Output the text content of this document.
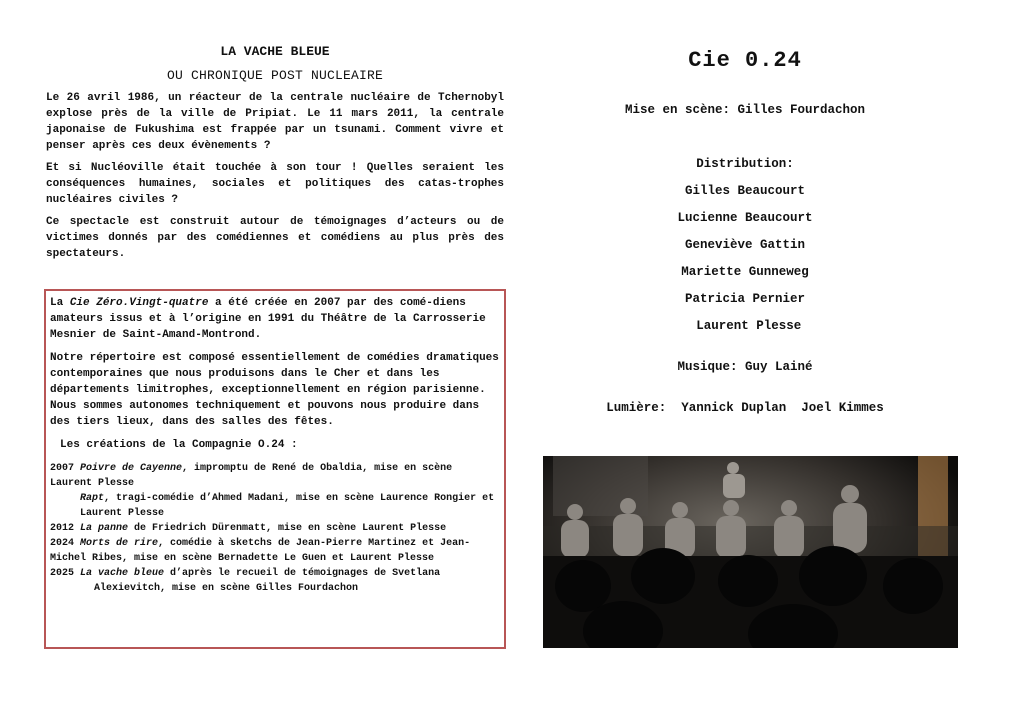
LA VACHE BLEUE

OU CHRONIQUE POST NUCLEAIRE

Le 26 avril 1986, un réacteur de la centrale nucléaire de Tchernobyl explose près de la ville de Pripiat. Le 11 mars 2011, la centrale japonaise de Fukushima est frappée par un tsunami. Comment vivre et penser après ces deux évènements ?

Et si Nucléoville était touchée à son tour ! Quelles seraient les conséquences humaines, sociales et politiques des catas-trophes nucléaires civiles ?

Ce spectacle est construit autour de témoignages d’acteurs ou de victimes donnés par des comédiennes et comédiens au plus près des spectateurs.

La Cie Zéro.Vingt-quatre a été créée en 2007 par des comé-diens amateurs issus et à l’origine en 1991 du Théâtre de la Carrosserie Mesnier de Saint-Amand-Montrond.

Notre répertoire est composé essentiellement de comédies dramatiques contemporaines que nous produisons dans le Cher et dans les départements limitrophes, exceptionnellement en région parisienne. Nous sommes autonomes techniquement et pouvons nous produire dans des tiers lieux, dans des salles des fêtes.

Les créations de la Compagnie O.24 :

2007 Poivre de Cayenne, impromptu de René de Obaldia, mise en scène Laurent Plesse

Rapt, tragi-comédie d’Ahmed Madani, mise en scène Laurence Rongier et Laurent Plesse

2012 La panne de Friedrich Dürenmatt, mise en scène Laurent Plesse

2024 Morts de rire, comédie à sketchs de Jean-Pierre Martinez et Jean-Michel Ribes, mise en scène Bernadette Le Guen et Laurent Plesse

2025 La vache bleue d’après le recueil de témoignages de Svetlana
Alexievitch, mise en scène Gilles Fourdachon

Cie 0.24
Mise en scène: Gilles Fourdachon
Distribution:
Gilles Beaucourt
Lucienne Beaucourt
Geneviève Gattin
Mariette Gunneweg
Patricia Pernier
Laurent Plesse
Musique: Guy Lainé
Lumière:  Yannick Duplan  Joel Kimmes
